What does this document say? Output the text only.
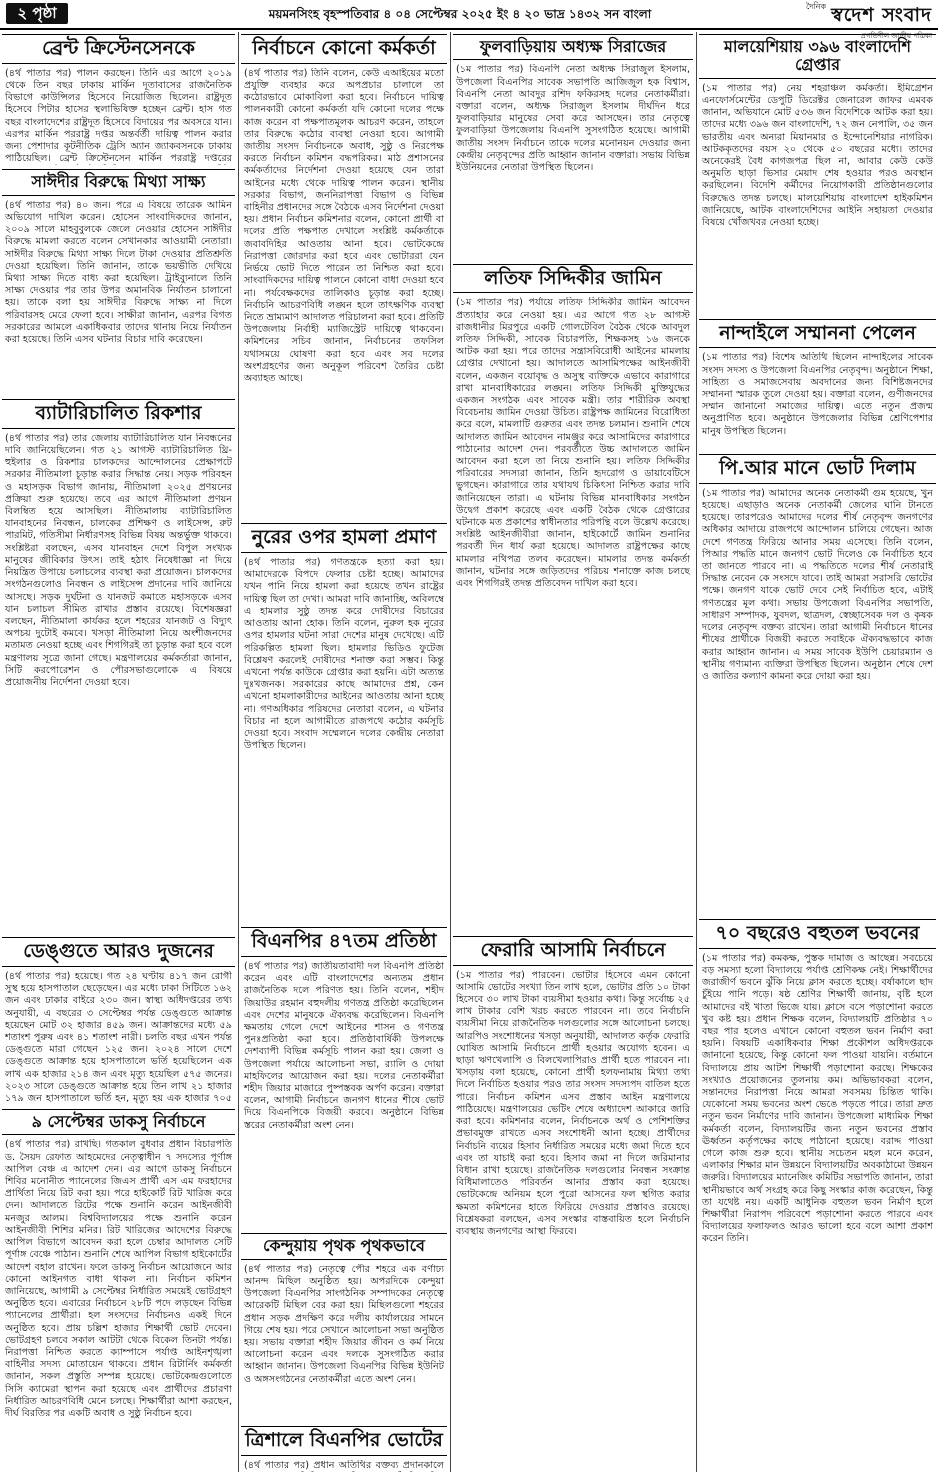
২ পৃষ্ঠা	ময়মনসিংহ বৃহস্পতিবার ৪ ০৪ সেপ্টেম্বর ২০২৫ ইং ৪ ২০ ভাদ্র ১৪৩২ সন বাংলা
$^{দৈনিক}$ স্বদেশ সংবাদ
প্রগতিশীল জাতীয় পত্রিকা
ব্রেন্ট ক্রিস্টেনসেনকে

(৪র্থ পাতার পর) পালন করছেন। তিনি এর আগে ২০১৯ থেকে তিন বছর ঢাকায় মার্কিন দূতাবাসের রাজনৈতিক বিভাগে কাউন্সিলর হিসেবে নিয়োজিত ছিলেন। রাষ্ট্রদূত হিসেবে পিটার হাসের স্থলাভিষিক্ত হচ্ছেন ব্রেন্ট। হাস গত বছর বাংলাদেশের রাষ্ট্রদূত হিসেবে বিদায়ের পর অবসরে যান। এরপর মার্কিন পররাষ্ট্র দপ্তর অন্তর্বর্তী দায়িত্ব পালন করার জন্য পেশাদার কূটনীতিক ট্রেসি অ্যান জ্যাকবসনকে ঢাকায় পাঠিয়েছিল। ব্রেন্ট ক্রিস্টেনসেন মার্কিন পররাষ্ট্র দপ্তরের

সাঈদীর বিরুদ্ধে মিথ্যা সাক্ষ্য

(৪র্থ পাতার পর) ৪০ জন। পরে এ বিষয়ে তারেক আমিন অভিযোগ দাখিল করেন। হোসেন সাংবাদিকদের জানান, ২০০৯ সালে মাহবুবুলকে জেলে নেওয়ার হোসেন সাঈদীর বিরুদ্ধে মামলা করতে বলেন সেখানকার আওয়ামী নেতারা। সাঈদীর বিরুদ্ধে মিথ্যা সাক্ষ্য দিলে টাকা দেওয়ার প্রতিশ্রুতি দেওয়া হয়েছিল। তিনি জানান, তাকে ভয়ভীতি দেখিয়ে মিথ্যা সাক্ষ্য দিতে বাধ্য করা হয়েছিল। ট্রাইব্যুনালে তিনি সাক্ষ্য দেওয়ার পর তার উপর অমানবিক নির্যাতন চালানো হয়। তাকে বলা হয় সাঈদীর বিরুদ্ধে সাক্ষ্য না দিলে পরিবারসহ মেরে ফেলা হবে। সাক্ষীরা জানান, এরপর বিগত সরকারের আমলে একাধিকবার তাদের থানায় নিয়ে নির্যাতন করা হয়েছে। তিনি এসব ঘটনার বিচার দাবি করেছেন।

ব্যাটারিচালিত রিকশার

(৪র্থ পাতার পর) তার জেলায় ব্যাটারিচালিত যান নিবন্ধনের দাবি জানিয়েছিলেন। গত ২১ আগস্ট ব্যাটারিচালিত থ্রি-হুইলার ও রিকশার চালকদের আন্দোলনের প্রেক্ষাপটে সরকার নীতিমালা চূড়ান্ত করার সিদ্ধান্ত নেয়। সড়ক পরিবহন ও মহাসড়ক বিভাগ জানায়, নীতিমালা ২০২৫ প্রণয়নের প্রক্রিয়া শুরু হয়েছে। তবে এর আগে নীতিমালা প্রণয়ন বিলম্বিত হয়ে আসছিল। নীতিমালায় ব্যাটারিচালিত যানবাহনের নিবন্ধন, চালকের প্রশিক্ষণ ও লাইসেন্স, রুট পারমিট, গতিসীমা নির্ধারণসহ বিভিন্ন বিষয় অন্তর্ভুক্ত থাকবে। সংশ্লিষ্টরা বলছেন, এসব যানবাহন দেশে বিপুল সংখ্যক মানুষের জীবিকার উৎস। তাই হঠাৎ নিষেধাজ্ঞা না দিয়ে নিয়ন্ত্রিত উপায়ে চলাচলের ব্যবস্থা করা প্রয়োজন। চালকদের সংগঠনগুলোও নিবন্ধন ও লাইসেন্স প্রদানের দাবি জানিয়ে আসছে। সড়ক দুর্ঘটনা ও যানজট কমাতে মহাসড়কে এসব যান চলাচল সীমিত রাখার প্রস্তাব রয়েছে। বিশেষজ্ঞরা বলছেন, নীতিমালা কার্যকর হলে শহরের যানজট ও বিদ্যুৎ অপচয় দুটোই কমবে। খসড়া নীতিমালা নিয়ে অংশীজনদের মতামত নেওয়া হচ্ছে এবং শিগগিরই তা চূড়ান্ত করা হবে বলে মন্ত্রণালয় সূত্রে জানা গেছে। মন্ত্রণালয়ের কর্মকর্তারা জানান, সিটি করপোরেশন ও পৌরসভাগুলোকে এ বিষয়ে প্রয়োজনীয় নির্দেশনা দেওয়া হবে।

ডেঙ্গুতে আরও দুজনের

(৪র্থ পাতার পর) হয়েছে। গত ২৪ ঘণ্টায় ৪১৭ জন রোগী সুস্থ হয়ে হাসপাতাল ছেড়েছেন। এর মধ্যে ঢাকা সিটিতে ১৬২ জন এবং ঢাকার বাইরে ২৩০ জন। স্বাস্থ্য অধিদপ্তরের তথ্য অনুযায়ী, এ বছরের ৩ সেপ্টেম্বর পর্যন্ত ডেঙ্গুতে আক্রান্ত হয়েছেন মোট ৩২ হাজার ৪৫৯ জন। আক্রান্তদের মধ্যে ৫৯ শতাংশ পুরুষ এবং ৪১ শতাংশ নারী। চলতি বছর এখন পর্যন্ত ডেঙ্গুতে মারা গেছেন ১২৫ জন। ২০২৪ সালে দেশে ডেঙ্গুতে আক্রান্ত হয়ে হাসপাতালে ভর্তি হয়েছিলেন এক লাখ এক হাজার ২১৪ জন এবং মৃত্যু হয়েছিল ৫৭৫ জনের। ২০২৩ সালে ডেঙ্গুতে আক্রান্ত হয়ে তিন লাখ ২১ হাজার ১৭৯ জন হাসপাতালে ভর্তি হন, মৃত্যু হয় এক হাজার ৭০৫

৯ সেপ্টেম্বর ডাকসু নির্বাচনে

(৪র্থ পাতার পর) রাখছি। গতকাল বুধবার প্রধান বিচারপতি ড. সৈয়দ রেফাত আহমেদের নেতৃত্বাধীন ৭ সদস্যের পূর্ণাঙ্গ আপিল বেঞ্চ এ আদেশ দেন। এর আগে ডাকসু নির্বাচনে শিবির মনোনীত প্যানেলের জিএস প্রার্থী এস এম ফরহাদের প্রার্থিতা নিয়ে রিট করা হয়। পরে হাইকোর্ট রিট খারিজ করে দেন। আদালতে রিটের পক্ষে শুনানি করেন আইনজীবী মনজুর আলম। বিশ্ববিদ্যালয়ের পক্ষে শুনানি করেন আইনজীবী শিশির মনির। রিট খারিজের আদেশের বিরুদ্ধে আপিল বিভাগে আবেদন করা হলে চেম্বার আদালত সেটি পূর্ণাঙ্গ বেঞ্চে পাঠান। শুনানি শেষে আপিল বিভাগ হাইকোর্টের আদেশ বহাল রাখেন। ফলে ডাকসু নির্বাচন আয়োজনে আর কোনো আইনগত বাধা থাকল না। নির্বাচন কমিশন জানিয়েছে, আগামী ৯ সেপ্টেম্বর নির্ধারিত সময়েই ভোটগ্রহণ অনুষ্ঠিত হবে। এবারের নির্বাচনে ২৮টি পদে লড়ছেন বিভিন্ন প্যানেলের প্রার্থীরা। হল সংসদের নির্বাচনও একই দিনে অনুষ্ঠিত হবে। প্রায় চল্লিশ হাজার শিক্ষার্থী ভোট দেবেন। ভোটগ্রহণ চলবে সকাল আটটা থেকে বিকেল তিনটা পর্যন্ত। নিরাপত্তা নিশ্চিত করতে ক্যাম্পাসে পর্যাপ্ত আইনশৃঙ্খলা বাহিনীর সদস্য মোতায়েন থাকবে। প্রধান রিটার্নিং কর্মকর্তা জানান, সকল প্রস্তুতি সম্পন্ন হয়েছে। ভোটকেন্দ্রগুলোতে সিসি ক্যামেরা স্থাপন করা হয়েছে এবং প্রার্থীদের প্রচারণা নির্ধারিত আচরণবিধি মেনে চলছে। শিক্ষার্থীরা আশা করছেন, দীর্ঘ বিরতির পর একটি অবাধ ও সুষ্ঠু নির্বাচন হবে।

নির্বাচনে কোনো কর্মকর্তা

(৪র্থ পাতার পর) তিনি বলেন, কেউ এআইয়ের মতো প্রযুক্তি ব্যবহার করে অপপ্রচার চালালে তা কঠোরভাবে মোকাবিলা করা হবে। নির্বাচনে দায়িত্ব পালনকারী কোনো কর্মকর্তা যদি কোনো দলের পক্ষে কাজ করেন বা পক্ষপাতমূলক আচরণ করেন, তাহলে তার বিরুদ্ধে কঠোর ব্যবস্থা নেওয়া হবে। আগামী জাতীয় সংসদ নির্বাচনকে অবাধ, সুষ্ঠু ও নিরপেক্ষ করতে নির্বাচন কমিশন বদ্ধপরিকর। মাঠ প্রশাসনের কর্মকর্তাদের নির্দেশনা দেওয়া হয়েছে যেন তারা আইনের মধ্যে থেকে দায়িত্ব পালন করেন। স্থানীয় সরকার বিভাগ, জননিরাপত্তা বিভাগ ও বিভিন্ন বাহিনীর প্রধানদের সঙ্গে বৈঠকে এসব নির্দেশনা দেওয়া হয়। প্রধান নির্বাচন কমিশনার বলেন, কোনো প্রার্থী বা দলের প্রতি পক্ষপাত দেখালে সংশ্লিষ্ট কর্মকর্তাকে জবাবদিহির আওতায় আনা হবে। ভোটকেন্দ্রে নিরাপত্তা জোরদার করা হবে এবং ভোটাররা যেন নির্ভয়ে ভোট দিতে পারেন তা নিশ্চিত করা হবে। সাংবাদিকদের দায়িত্ব পালনে কোনো বাধা দেওয়া হবে না। পর্যবেক্ষকদের তালিকাও চূড়ান্ত করা হচ্ছে। নির্বাচনি আচরণবিধি লঙ্ঘন হলে তাৎক্ষণিক ব্যবস্থা নিতে ভ্রাম্যমাণ আদালত পরিচালনা করা হবে। প্রতিটি উপজেলায় নির্বাহী ম্যাজিস্ট্রেট দায়িত্বে থাকবেন। কমিশনের সচিব জানান, নির্বাচনের তফসিল যথাসময়ে ঘোষণা করা হবে এবং সব দলের অংশগ্রহণের জন্য অনুকূল পরিবেশ তৈরির চেষ্টা অব্যাহত আছে।

নুরের ওপর হামলা প্রমাণ

(৪র্থ পাতার পর) গণতন্ত্রকে হত্যা করা হয়। আমাদেরকে বিপদে ফেলার চেষ্টা হচ্ছে। আমাদের যখন পানি নিয়ে হামলা করা হয়েছে তখন রাষ্ট্রের দায়িত্ব ছিল তা দেখা। আমরা দাবি জানাচ্ছি, অবিলম্বে এ হামলার সুষ্ঠু তদন্ত করে দোষীদের বিচারের আওতায় আনা হোক। তিনি বলেন, নুরুল হক নুরের ওপর হামলার ঘটনা সারা দেশের মানুষ দেখেছে। এটি পরিকল্পিত হামলা ছিল। হামলার ভিডিও ফুটেজ বিশ্লেষণ করলেই দোষীদের শনাক্ত করা সম্ভব। কিন্তু এখনো পর্যন্ত কাউকে গ্রেপ্তার করা হয়নি। এটা অত্যন্ত দুঃখজনক। সরকারের কাছে আমাদের প্রশ্ন, কেন এখনো হামলাকারীদের আইনের আওতায় আনা হচ্ছে না। গণঅধিকার পরিষদের নেতারা বলেন, এ ঘটনার বিচার না হলে আগামীতে রাজপথে কঠোর কর্মসূচি দেওয়া হবে। সংবাদ সম্মেলনে দলের কেন্দ্রীয় নেতারা উপস্থিত ছিলেন।

বিএনপির ৪৭তম প্রতিষ্ঠা

(৪র্থ পাতার পর) জাতীয়তাবাদী দল বিএনপি প্রতিষ্ঠা করেন এবং এটি বাংলাদেশের অন্যতম প্রধান রাজনৈতিক দলে পরিণত হয়। তিনি বলেন, শহীদ জিয়াউর রহমান বহুদলীয় গণতন্ত্র প্রতিষ্ঠা করেছিলেন এবং দেশের মানুষকে ঐক্যবদ্ধ করেছিলেন। বিএনপি ক্ষমতায় গেলে দেশে আইনের শাসন ও গণতন্ত্র পুনঃপ্রতিষ্ঠা করা হবে। প্রতিষ্ঠাবার্ষিকী উপলক্ষে দেশব্যাপী বিভিন্ন কর্মসূচি পালন করা হয়। জেলা ও উপজেলা পর্যায়ে আলোচনা সভা, র‍্যালি ও দোয়া মাহফিলের আয়োজন করা হয়। দলের নেতাকর্মীরা শহীদ জিয়ার মাজারে পুষ্পস্তবক অর্পণ করেন। বক্তারা বলেন, আগামী নির্বাচনে জনগণ ধানের শীষে ভোট দিয়ে বিএনপিকে বিজয়ী করবে। অনুষ্ঠানে বিভিন্ন স্তরের নেতাকর্মীরা অংশ নেন।

কেন্দুয়ায় পৃথক পৃথকভাবে

(৪র্থ পাতার পর) নেতৃত্বে পৌর শহরে এক বর্ণাঢ্য আনন্দ মিছিল অনুষ্ঠিত হয়। অপরদিকে কেন্দুয়া উপজেলা বিএনপির সাংগঠনিক সম্পাদকের নেতৃত্বে আরেকটি মিছিল বের করা হয়। মিছিলগুলো শহরের প্রধান সড়ক প্রদক্ষিণ করে দলীয় কার্যালয়ের সামনে গিয়ে শেষ হয়। পরে সেখানে আলোচনা সভা অনুষ্ঠিত হয়। সভায় বক্তারা শহীদ জিয়ার জীবন ও কর্ম নিয়ে আলোচনা করেন এবং দলকে সুসংগঠিত করার আহ্বান জানান। উপজেলা বিএনপির বিভিন্ন ইউনিট ও অঙ্গসংগঠনের নেতাকর্মীরা এতে অংশ নেন।

ত্রিশালে বিএনপির ভোটের

(৪র্থ পাতার পর) প্রধান অতিথির বক্তব্য প্রদানকালে

ফুলবাড়িয়ায় অধ্যক্ষ সিরাজের

(১ম পাতার পর) বিএনপি নেতা অধ্যক্ষ সিরাজুল ইসলাম, উপজেলা বিএনপির সাবেক সভাপতি আজিজুল হক বিশ্বাস, বিএনপি নেতা আবদুর রশিদ ফকিরসহ দলের নেতাকর্মীরা। বক্তারা বলেন, অধ্যক্ষ সিরাজুল ইসলাম দীর্ঘদিন ধরে ফুলবাড়িয়ার মানুষের সেবা করে আসছেন। তার নেতৃত্বে ফুলবাড়িয়া উপজেলায় বিএনপি সুসংগঠিত হয়েছে। আগামী জাতীয় সংসদ নির্বাচনে তাকে দলের মনোনয়ন দেওয়ার জন্য কেন্দ্রীয় নেতৃবৃন্দের প্রতি আহ্বান জানান বক্তারা। সভায় বিভিন্ন ইউনিয়নের নেতারা উপস্থিত ছিলেন।

লতিফ সিদ্দিকীর জামিন

(১ম পাতার পর) পর্যায়ে লতিফ সিদ্দিকীর জামিন আবেদন প্রত্যাহার করে নেওয়া হয়। এর আগে গত ২৮ আগস্ট রাজধানীর মিরপুরে একটি গোলটেবিল বৈঠক থেকে আবদুল লতিফ সিদ্দিকী, সাবেক বিচারপতি, শিক্ষকসহ ১৬ জনকে আটক করা হয়। পরে তাদের সন্ত্রাসবিরোধী আইনের মামলায় গ্রেপ্তার দেখানো হয়। আদালতে আসামিপক্ষের আইনজীবী বলেন, একজন বয়োবৃদ্ধ ও অসুস্থ ব্যক্তিকে এভাবে কারাগারে রাখা মানবাধিকারের লঙ্ঘন। লতিফ সিদ্দিকী মুক্তিযুদ্ধের একজন সংগঠক এবং সাবেক মন্ত্রী। তার শারীরিক অবস্থা বিবেচনায় জামিন দেওয়া উচিত। রাষ্ট্রপক্ষ জামিনের বিরোধিতা করে বলে, মামলাটি গুরুতর এবং তদন্ত চলমান। শুনানি শেষে আদালত জামিন আবেদন নামঞ্জুর করে আসামিদের কারাগারে পাঠানোর আদেশ দেন। পরবর্তীতে উচ্চ আদালতে জামিন আবেদন করা হলে তা নিয়ে শুনানি হয়। লতিফ সিদ্দিকীর পরিবারের সদস্যরা জানান, তিনি হৃদরোগ ও ডায়াবেটিসে ভুগছেন। কারাগারে তার যথাযথ চিকিৎসা নিশ্চিত করার দাবি জানিয়েছেন তারা। এ ঘটনায় বিভিন্ন মানবাধিকার সংগঠন উদ্বেগ প্রকাশ করেছে এবং একটি বৈঠক থেকে গ্রেপ্তারের ঘটনাকে মত প্রকাশের স্বাধীনতার পরিপন্থি বলে উল্লেখ করেছে। সংশ্লিষ্ট আইনজীবীরা জানান, হাইকোর্টে জামিন শুনানির পরবর্তী দিন ধার্য করা হয়েছে। আদালত রাষ্ট্রপক্ষের কাছে মামলার নথিপত্র তলব করেছেন। মামলার তদন্ত কর্মকর্তা জানান, ঘটনার সঙ্গে জড়িতদের পরিচয় শনাক্তে কাজ চলছে এবং শিগগিরই তদন্ত প্রতিবেদন দাখিল করা হবে।

ফেরারি আসামি নির্বাচনে

(১ম পাতার পর) পারবেন। ভোটার হিসেবে এমন কোনো আসামি ভোটের সংখ্যা তিন লাখ হলে, ভোটার প্রতি ১০ টাকা হিসেবে ৩০ লাখ টাকা ব্যয়সীমা হওয়ার কথা। কিন্তু সর্বোচ্চ ২৫ লাখ টাকার বেশি খরচ করতে পারবেন না। তবে নির্বাচনি ব্যয়সীমা নিয়ে রাজনৈতিক দলগুলোর সঙ্গে আলোচনা চলছে। আরপিও সংশোধনের খসড়া অনুযায়ী, আদালত কর্তৃক ফেরারি ঘোষিত আসামি নির্বাচনে প্রার্থী হওয়ার অযোগ্য হবেন। এ ছাড়া ঋণখেলাপি ও বিলখেলাপিরাও প্রার্থী হতে পারবেন না। খসড়ায় বলা হয়েছে, কোনো প্রার্থী হলফনামায় মিথ্যা তথ্য দিলে নির্বাচিত হওয়ার পরও তার সংসদ সদস্যপদ বাতিল হতে পারে। নির্বাচন কমিশন এসব প্রস্তাব আইন মন্ত্রণালয়ে পাঠিয়েছে। মন্ত্রণালয়ের ভেটিং শেষে অধ্যাদেশ আকারে জারি করা হবে। কমিশনার বলেন, নির্বাচনকে অর্থ ও পেশিশক্তির প্রভাবমুক্ত রাখতে এসব সংশোধনী আনা হচ্ছে। প্রার্থীদের নির্বাচনি ব্যয়ের হিসাব নির্ধারিত সময়ের মধ্যে জমা দিতে হবে এবং তা যাচাই করা হবে। হিসাব জমা না দিলে জরিমানার বিধান রাখা হয়েছে। রাজনৈতিক দলগুলোর নিবন্ধন সংক্রান্ত বিধিমালাতেও পরিবর্তন আনার প্রস্তাব করা হয়েছে। ভোটকেন্দ্রে অনিয়ম হলে পুরো আসনের ফল স্থগিত করার ক্ষমতা কমিশনের হাতে ফিরিয়ে দেওয়ার প্রস্তাবও রয়েছে। বিশ্লেষকরা বলছেন, এসব সংস্কার বাস্তবায়িত হলে নির্বাচনি ব্যবস্থায় জনগণের আস্থা ফিরবে।

মালয়েশিয়ায় ৩৯৬ বাংলাদেশি গ্রেপ্তার

(১ম পাতার পর) নেয় শহরাঞ্চল কর্মকর্তা। ইমিগ্রেশন এনফোর্সমেন্টের ডেপুটি ডিরেক্টর জেনারেল জাফর এমবক জানান, অভিযানে মোট ৫৩৬ জন বিদেশিকে আটক করা হয়। তাদের মধ্যে ৩৯৬ জন বাংলাদেশি, ৭২ জন নেপালি, ৩৫ জন ভারতীয় এবং অন্যরা মিয়ানমার ও ইন্দোনেশিয়ার নাগরিক। আটককৃতদের বয়স ২০ থেকে ৫০ বছরের মধ্যে। তাদের অনেকেরই বৈধ কাগজপত্র ছিল না, আবার কেউ কেউ অনুমতি ছাড়া ভিসার মেয়াদ শেষ হওয়ার পরও অবস্থান করছিলেন। বিদেশি কর্মীদের নিয়োগকারী প্রতিষ্ঠানগুলোর বিরুদ্ধেও তদন্ত চলছে। মালয়েশিয়ায় বাংলাদেশ হাইকমিশন জানিয়েছে, আটক বাংলাদেশিদের আইনি সহায়তা দেওয়ার বিষয়ে খোঁজখবর নেওয়া হচ্ছে।

নান্দাইলে সম্মাননা পেলেন

(১ম পাতার পর) বিশেষ অতিথি ছিলেন নান্দাইলের সাবেক সংসদ সদস্য ও উপজেলা বিএনপির নেতৃবৃন্দ। অনুষ্ঠানে শিক্ষা, সাহিত্য ও সমাজসেবায় অবদানের জন্য বিশিষ্টজনদের সম্মাননা স্মারক তুলে দেওয়া হয়। বক্তারা বলেন, গুণীজনদের সম্মান জানানো সমাজের দায়িত্ব। এতে নতুন প্রজন্ম অনুপ্রাণিত হবে। অনুষ্ঠানে উপজেলার বিভিন্ন শ্রেণিপেশার মানুষ উপস্থিত ছিলেন।

পি.আর মানে ভোট দিলাম

(১ম পাতার পর) আমাদের অনেক নেতাকর্মী গুম হয়েছে, খুন হয়েছে। এছাড়াও অনেক নেতাকর্মী জেলের ঘানি টানতে হয়েছে। তারপরেও আমাদের দলের শীর্ষ নেতৃবৃন্দ জনগণের অধিকার আদায়ে রাজপথে আন্দোলন চালিয়ে গেছেন। আজ দেশে গণতন্ত্র ফিরিয়ে আনার সময় এসেছে। তিনি বলেন, পিআর পদ্ধতি মানে জনগণ ভোট দিলেও কে নির্বাচিত হবে তা জানতে পারবে না। এ পদ্ধতিতে দলের শীর্ষ নেতারাই সিদ্ধান্ত নেবেন কে সংসদে যাবে। তাই আমরা সরাসরি ভোটের পক্ষে। জনগণ যাকে ভোট দেবে সেই নির্বাচিত হবে, এটাই গণতন্ত্রের মূল কথা। সভায় উপজেলা বিএনপির সভাপতি, সাধারণ সম্পাদক, যুবদল, ছাত্রদল, স্বেচ্ছাসেবক দল ও কৃষক দলের নেতৃবৃন্দ বক্তব্য রাখেন। তারা আগামী নির্বাচনে ধানের শীষের প্রার্থীকে বিজয়ী করতে সবাইকে ঐক্যবদ্ধভাবে কাজ করার আহ্বান জানান। এ সময় সাবেক ইউপি চেয়ারম্যান ও স্থানীয় গণ্যমান্য ব্যক্তিরা উপস্থিত ছিলেন। অনুষ্ঠান শেষে দেশ ও জাতির কল্যাণ কামনা করে দোয়া করা হয়।

৭০ বছরেও বহুতল ভবনের

(১ম পাতার পর) কমকক্ষ, পুস্তক দামাজ ও আছেন্ন। সবচেয়ে বড় সমস্যা হলো বিদ্যালয়ে পর্যাপ্ত শ্রেণিকক্ষ নেই। শিক্ষার্থীদের জরাজীর্ণ ভবনে ঝুঁকি নিয়ে ক্লাস করতে হচ্ছে। বর্ষাকালে ছাদ চুঁইয়ে পানি পড়ে। ষষ্ঠ শ্রেণির শিক্ষার্থী জানায়, বৃষ্টি হলে আমাদের বই খাতা ভিজে যায়। ক্লাসে বসে পড়াশোনা করতে খুব কষ্ট হয়। প্রধান শিক্ষক বলেন, বিদ্যালয়টি প্রতিষ্ঠার ৭০ বছর পার হলেও এখানে কোনো বহুতল ভবন নির্মাণ করা হয়নি। বিষয়টি একাধিকবার শিক্ষা প্রকৌশল অধিদপ্তরকে জানানো হয়েছে, কিন্তু কোনো ফল পাওয়া যায়নি। বর্তমানে বিদ্যালয়ে প্রায় আটশ শিক্ষার্থী পড়াশোনা করছে। শিক্ষকের সংখ্যাও প্রয়োজনের তুলনায় কম। অভিভাবকরা বলেন, সন্তানদের নিরাপত্তা নিয়ে আমরা সবসময় চিন্তিত থাকি। যেকোনো সময় ভবনের অংশ ভেঙে পড়তে পারে। তারা দ্রুত নতুন ভবন নির্মাণের দাবি জানান। উপজেলা মাধ্যমিক শিক্ষা কর্মকর্তা বলেন, বিদ্যালয়টির জন্য নতুন ভবনের প্রস্তাব ঊর্ধ্বতন কর্তৃপক্ষের কাছে পাঠানো হয়েছে। বরাদ্দ পাওয়া গেলে কাজ শুরু হবে। স্থানীয় সচেতন মহল মনে করেন, এলাকার শিক্ষার মান উন্নয়নে বিদ্যালয়টির অবকাঠামো উন্নয়ন জরুরি। বিদ্যালয়ের ম্যানেজিং কমিটির সভাপতি জানান, তারা স্থানীয়ভাবে অর্থ সংগ্রহ করে কিছু সংস্কার কাজ করেছেন, কিন্তু তা যথেষ্ট নয়। একটি আধুনিক বহুতল ভবন নির্মাণ হলে শিক্ষার্থীরা নিরাপদ পরিবেশে পড়াশোনা করতে পারবে এবং বিদ্যালয়ের ফলাফলও আরও ভালো হবে বলে আশা প্রকাশ করেন তিনি।
